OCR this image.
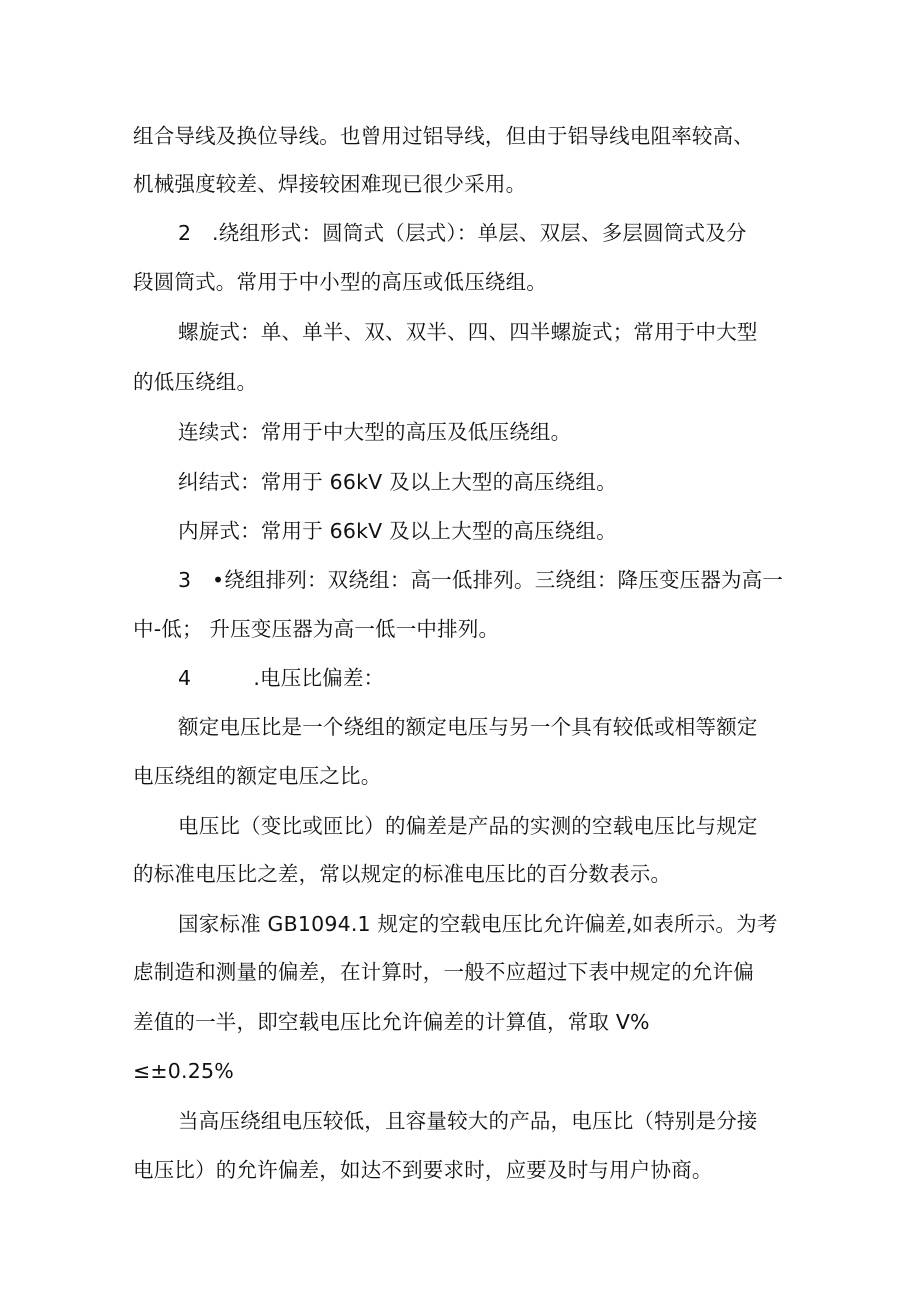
组合导线及换位导线。也曾用过铝导线，但由于铝导线电阻率较高、
机械强度较差、焊接较困难现已很少采用。
2　.绕组形式：圆筒式（层式）：单层、双层、多层圆筒式及分
段圆筒式。常用于中小型的高压或低压绕组。
螺旋式：单、单半、双、双半、四、四半螺旋式；常用于中大型
的低压绕组。
连续式：常用于中大型的高压及低压绕组。
纠结式：常用于 66kV 及以上大型的高压绕组。
内屏式：常用于 66kV 及以上大型的高压绕组。
3　•绕组排列：双绕组：高一低排列。三绕组：降压变压器为高一
中-低； 升压变压器为高一低一中排列。
4　　　.电压比偏差：
额定电压比是一个绕组的额定电压与另一个具有较低或相等额定
电压绕组的额定电压之比。
电压比（变比或匝比）的偏差是产品的实测的空载电压比与规定
的标准电压比之差，常以规定的标准电压比的百分数表示。
国家标准 GB1094.1 规定的空载电压比允许偏差,如表所示。为考
虑制造和测量的偏差，在计算时，一般不应超过下表中规定的允许偏
差值的一半，即空载电压比允许偏差的计算值，常取 V%
≤±0.25%
当高压绕组电压较低，且容量较大的产品，电压比（特别是分接
电压比）的允许偏差，如达不到要求时，应要及时与用户协商。
